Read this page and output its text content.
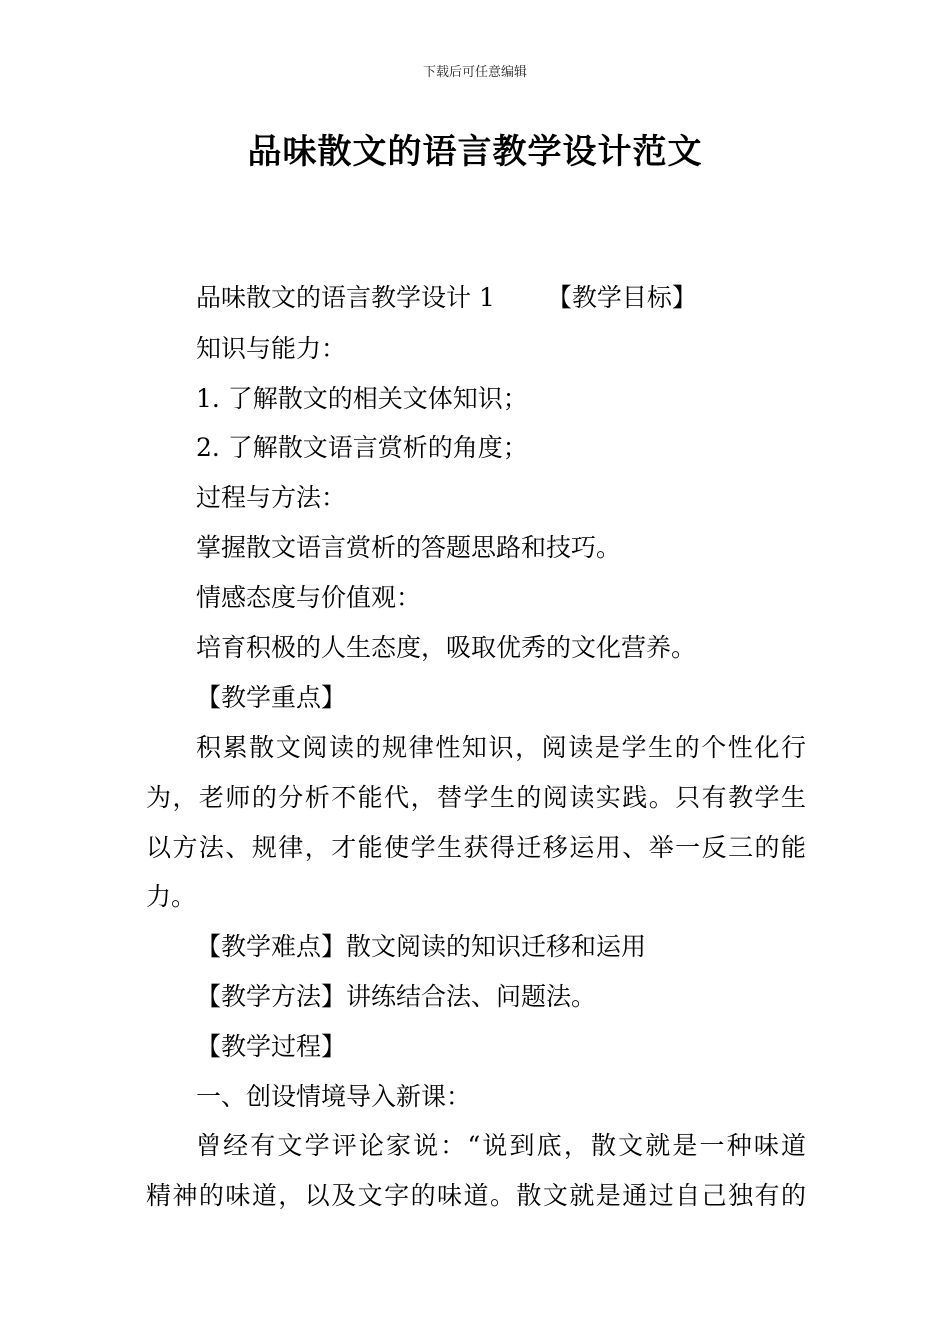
下载后可任意编辑
品味散文的语言教学设计范文

品味散文的语言教学设计 1 【教学目标】

知识与能力：

1. 了解散文的相关文体知识；

2. 了解散文语言赏析的角度；

过程与方法：

掌握散文语言赏析的答题思路和技巧。

情感态度与价值观：

培育积极的人生态度，吸取优秀的文化营养。

【教学重点】

积累散文阅读的规律性知识，阅读是学生的个性化行

为，老师的分析不能代，替学生的阅读实践。只有教学生

以方法、规律，才能使学生获得迁移运用、举一反三的能

力。

【教学难点】散文阅读的知识迁移和运用

【教学方法】讲练结合法、问题法。

【教学过程】

一、创设情境导入新课：

曾经有文学评论家说：“说到底，散文就是一种味道

精神的味道，以及文字的味道。散文就是通过自己独有的
